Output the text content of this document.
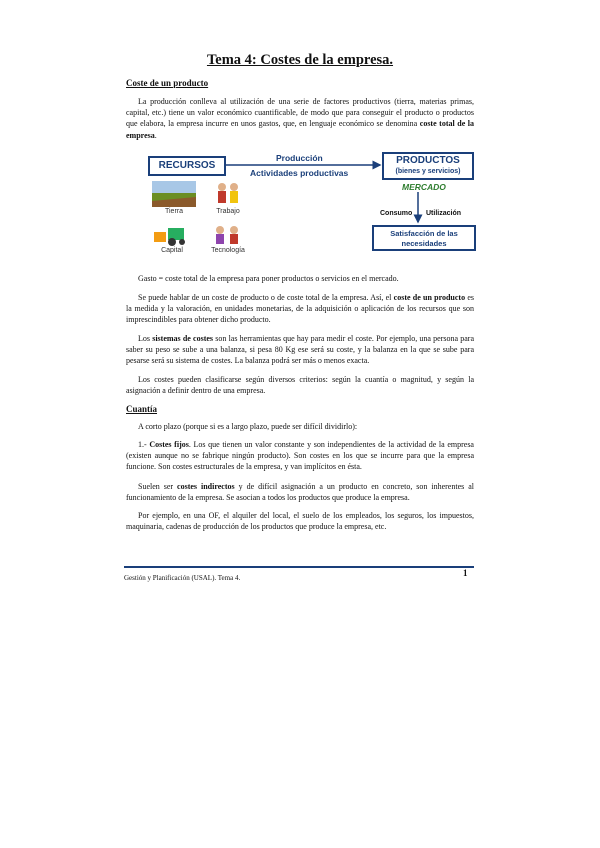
Tema 4: Costes de la empresa.

Coste de un producto

La producción conlleva al utilización de una serie de factores productivos (tierra, materias primas, capital, etc.) tiene un valor económico cuantificable, de modo que para conseguir el producto o productos que elabora, la empresa incurre en unos gastos, que, en lenguaje económico se denomina coste total de la empresa.

RECURSOS
Producción
Actividades productivas
PRODUCTOS
(bienes y servicios)
MERCADO
Consumo Utilización
Satisfacción de las necesidades
Tierra	Trabajo
Capital	Tecnología

Gasto = coste total de la empresa para poner productos o servicios en el mercado.

Se puede hablar de un coste de producto o de coste total de la empresa. Así, el coste de un producto es la medida y la valoración, en unidades monetarias, de la adquisición o aplicación de los recursos que son imprescindibles para obtener dicho producto.

Los sistemas de costes son las herramientas que hay para medir el coste. Por ejemplo, una persona para saber su peso se sube a una balanza, si pesa 80 Kg ese será su coste, y la balanza en la que se sube para pesarse será su sistema de costes. La balanza podrá ser más o menos exacta.

Los costes pueden clasificarse según diversos criterios: según la cuantía o magnitud, y según la asignación a definir dentro de una empresa.

Cuantía

A corto plazo (porque si es a largo plazo, puede ser difícil dividirlo):

1.- Costes fijos. Los que tienen un valor constante y son independientes de la actividad de la empresa (existen aunque no se fabrique ningún producto). Son costes en los que se incurre para que la empresa funcione. Son costes estructurales de la empresa, y van implícitos en ésta.

Suelen ser costes indirectos y de difícil asignación a un producto en concreto, son inherentes al funcionamiento de la empresa. Se asocian a todos los productos que produce la empresa.

Por ejemplo, en una OF, el alquiler del local, el suelo de los empleados, los seguros, los impuestos, maquinaria, cadenas de producción de los productos que produce la empresa, etc.

Gestión y Planificación (USAL). Tema 4.	1
